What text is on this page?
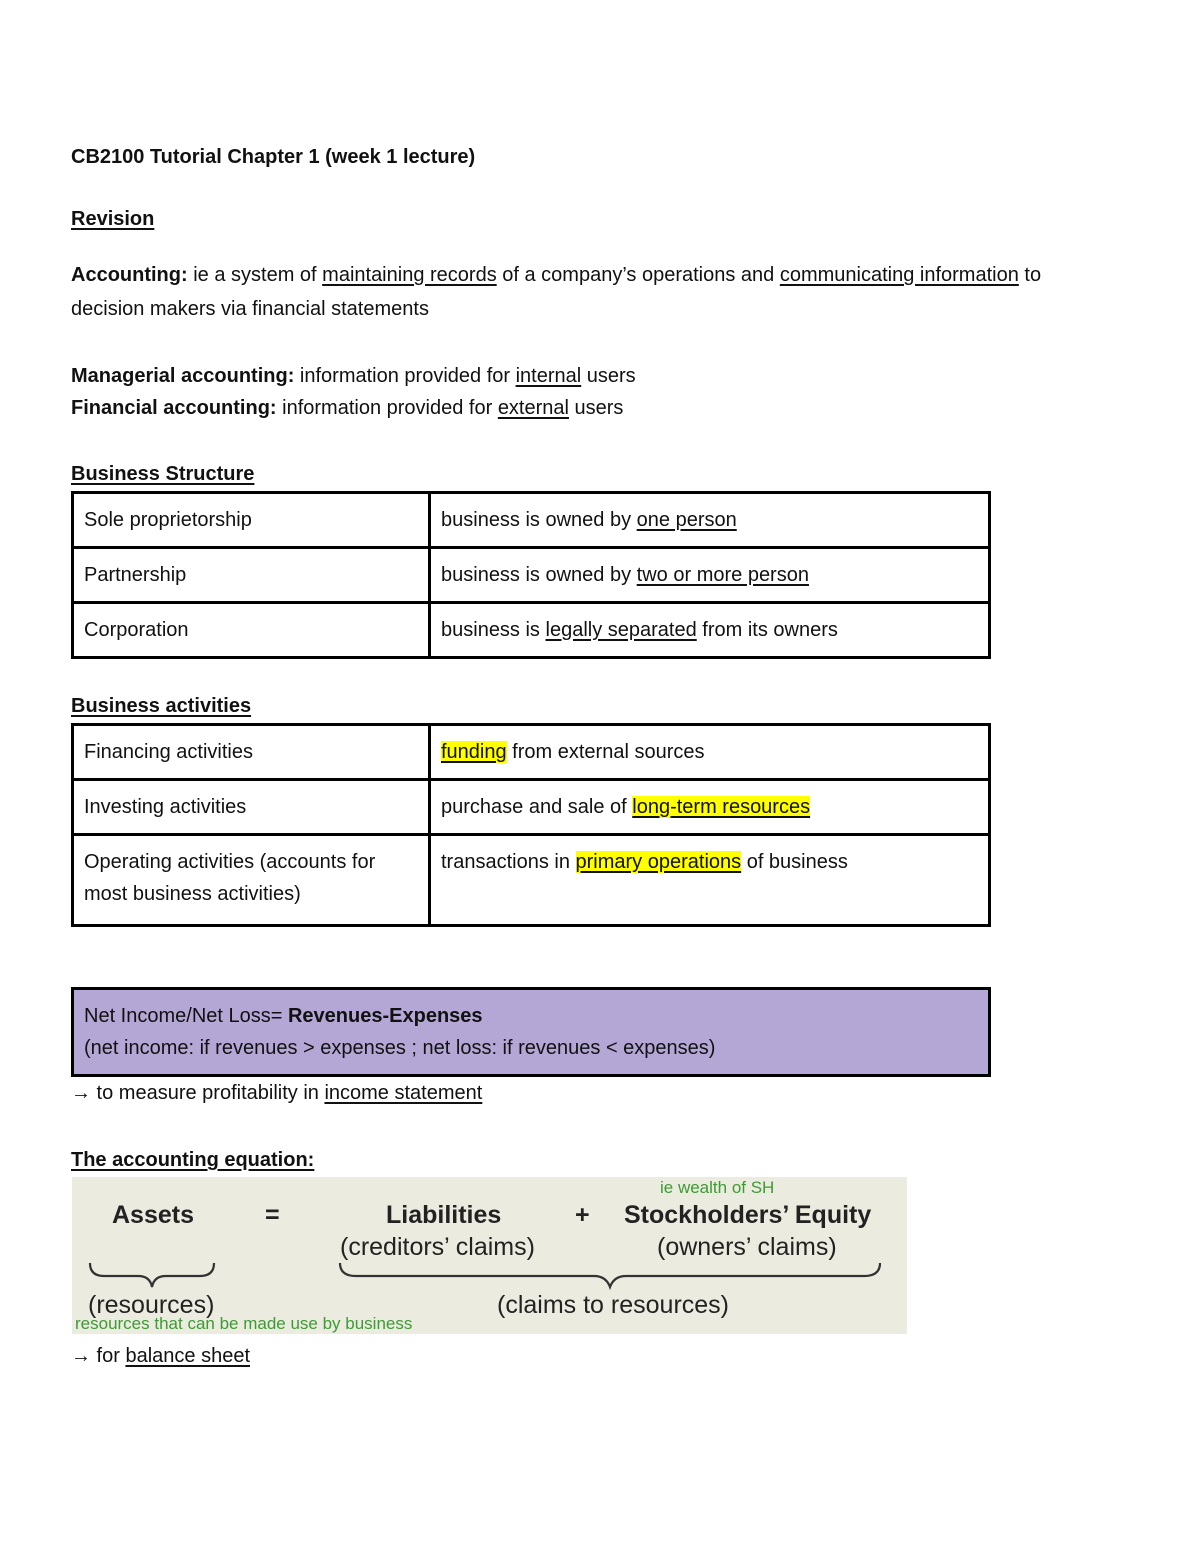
CB2100 Tutorial Chapter 1 (week 1 lecture)
Revision
Accounting: ie a system of maintaining records of a company’s operations and communicating information to
decision makers via financial statements
Managerial accounting: information provided for internal users
Financial accounting: information provided for external users
Business Structure
Sole proprietorship	business is owned by one person
Partnership	business is owned by two or more person
Corporation	business is legally separated from its owners
Business activities
Financing activities	funding from external sources
Investing activities	purchase and sale of long-term resources

Operating activities (accounts for
most business activities)	transactions in primary operations of business
Net Income/Net Loss= Revenues-Expenses
(net income: if revenues > expenses ; net loss: if revenues < expenses)
→ to measure profitability in income statement
The accounting equation:
ie wealth of SH
Assets	=	Liabilities	+ Stockholders’ Equity
(creditors’ claims)	(owners’ claims)
(resources)	(claims to resources)
resources that can be made use by business
→ for balance sheet
